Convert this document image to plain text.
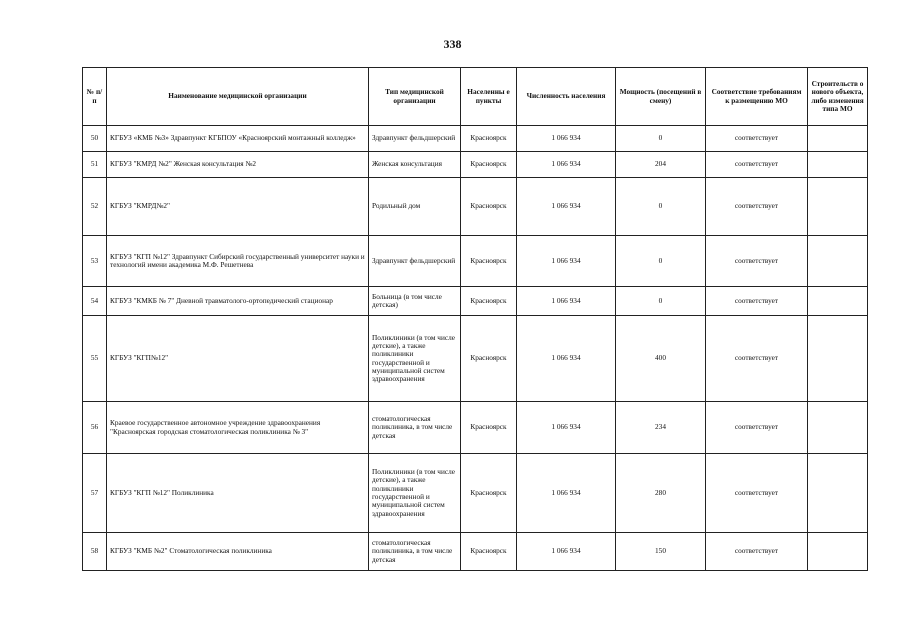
338
№ п/п	Наименование медицинской организации	Тип медицинской организации	Населенны е пункты	Численность населения	Мощность (посещений в смену)	Соответствие требованиям к размещению МО	Строительств о нового объекта, либо изменения типа МО
50	КГБУЗ «КМБ №3» Здравпункт КГБПОУ «Красноярский монтажный колледж»	Здравпункт фельдшерский	Красноярск	1 066 934	0	соответствует	
51	КГБУЗ "КМРД №2" Женская консультация №2	Женская консультация	Красноярск	1 066 934	204	соответствует	
52	КГБУЗ "КМРД№2"	Родильный дом	Красноярск	1 066 934	0	соответствует	
53	КГБУЗ "КГП №12" Здравпункт Сибирский государственный университет науки и технологий имени академика М.Ф. Решетнева	Здравпункт фельдшерский	Красноярск	1 066 934	0	соответствует	
54	КГБУЗ "КМКБ № 7" Дневной травматолого-ортопедический стационар	Больница (в том числе детская)	Красноярск	1 066 934	0	соответствует	
55	КГБУЗ "КГП№12"	Поликлиники (в том числе детские), а также поликлиники государственной и муниципальной систем здравоохранения	Красноярск	1 066 934	400	соответствует	
56	Краевое государственное автономное учреждение здравоохранения "Красноярская городская стоматологическая поликлиника № 3"	стоматологическая поликлиника, в том числе детская	Красноярск	1 066 934	234	соответствует	
57	КГБУЗ "КГП №12" Поликлиника	Поликлиники (в том числе детские), а также поликлиники государственной и муниципальной систем здравоохранения	Красноярск	1 066 934	280	соответствует	
58	КГБУЗ "КМБ №2" Стоматологическая поликлиника	стоматологическая поликлиника, в том числе детская	Красноярск	1 066 934	150	соответствует	
